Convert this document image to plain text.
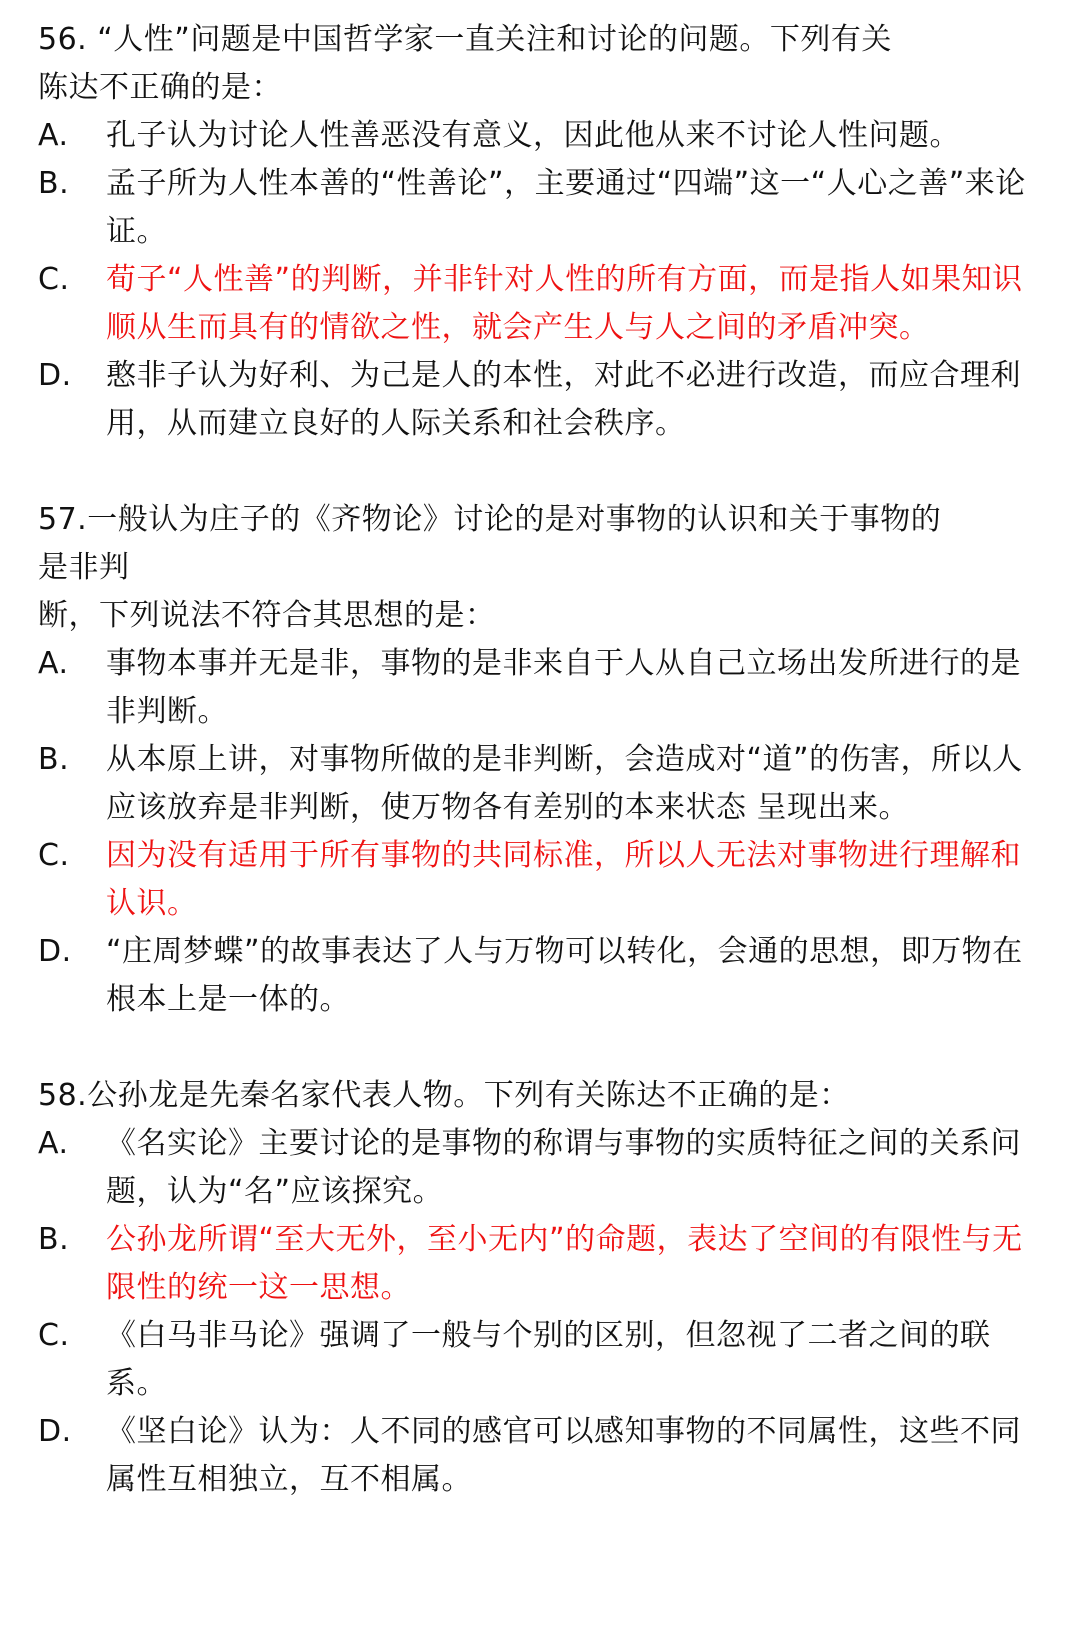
56. “人性”问题是中国哲学家一直关注和讨论的问题。下列有关
陈达不正确的是：

A.	孔子认为讨论人性善恶没有意义，因此他从来不讨论人性问题。
B.	孟子所为人性本善的“性善论”，主要通过“四端”这一“人心之善”来论证。
C.	荀子“人性善”的判断，并非针对人性的所有方面，而是指人如果知识顺从生而具有的情欲之性，就会产生人与人之间的矛盾冲突。
D.	憨非子认为好利、为己是人的本性，对此不必进行改造，而应合理利用，从而建立良好的人际关系和社会秩序。

57.一般认为庄子的《齐物论》讨论的是对事物的认识和关于事物的
是非判
断，下列说法不符合其思想的是：

A.	事物本事并无是非，事物的是非来自于人从自己立场出发所进行的是非判断。
B.	从本原上讲，对事物所做的是非判断，会造成对“道”的伤害，所以人应该放弃是非判断，使万物各有差别的本来状态 呈现出来。
C.	因为没有适用于所有事物的共同标准，所以人无法对事物进行理解和认识。
D.	“庄周梦蝶”的故事表达了人与万物可以转化，会通的思想，即万物在根本上是一体的。

58.公孙龙是先秦名家代表人物。下列有关陈达不正确的是：

A.	《名实论》主要讨论的是事物的称谓与事物的实质特征之间的关系问题，认为“名”应该探究。
B.	公孙龙所谓“至大无外，至小无内”的命题，表达了空间的有限性与无限性的统一这一思想。
C.	《白马非马论》强调了一般与个别的区别，但忽视了二者之间的联系。
D.	《坚白论》认为：人不同的感官可以感知事物的不同属性，这些不同属性互相独立，互不相属。
